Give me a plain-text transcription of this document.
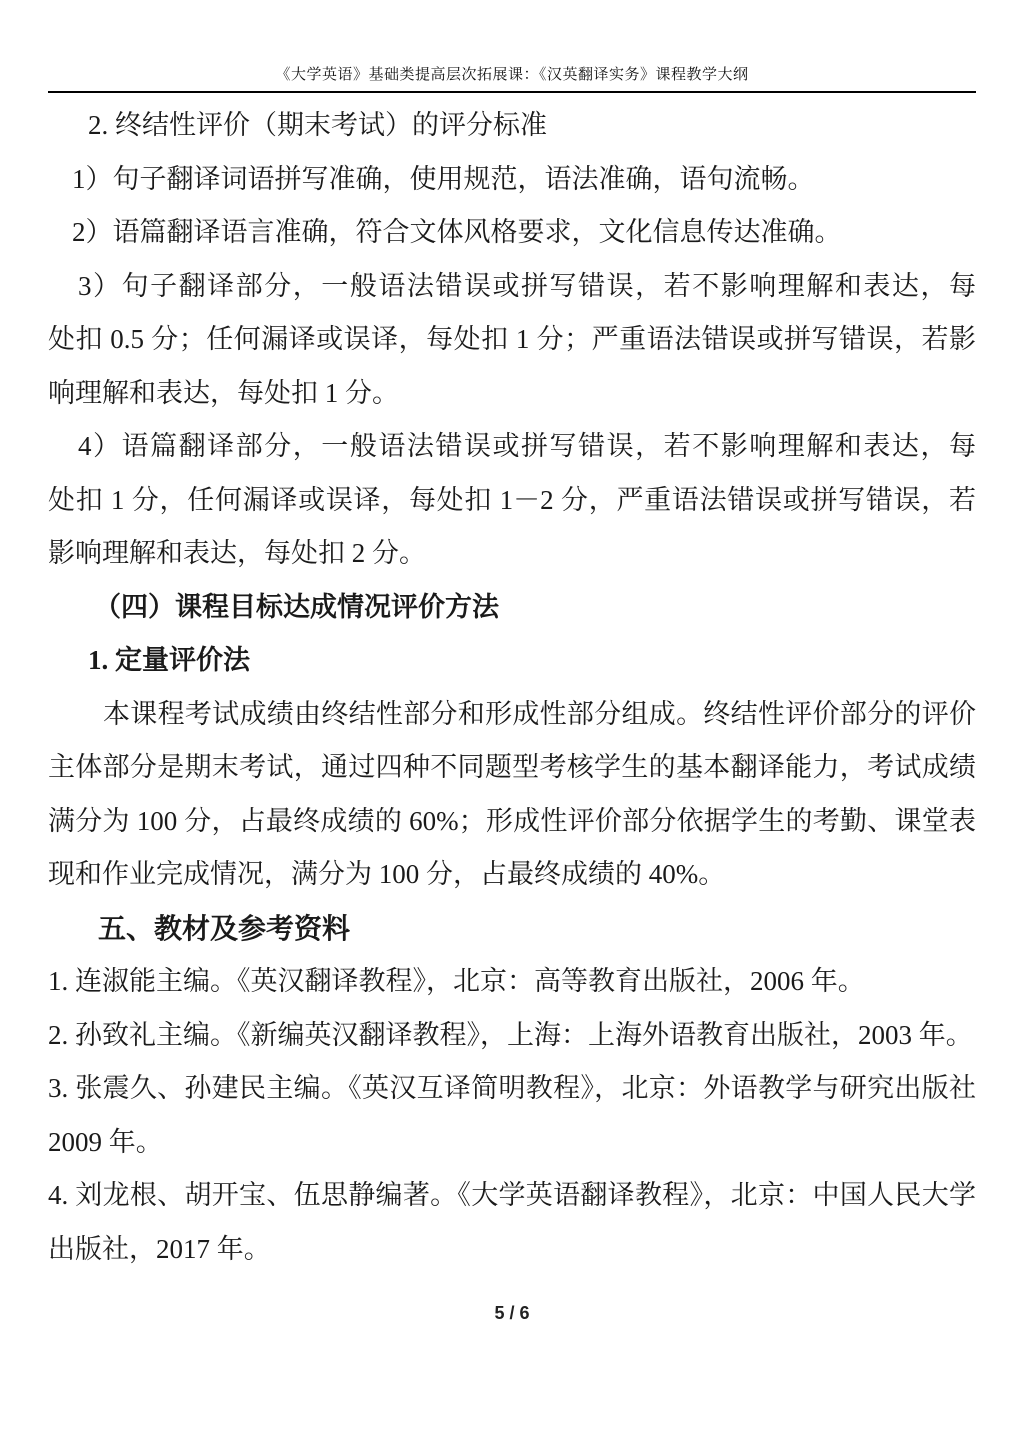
《大学英语》基础类提高层次拓展课：《汉英翻译实务》课程教学大纲
2. 终结性评价（期末考试）的评分标准
1）句子翻译词语拼写准确，使用规范，语法准确，语句流畅。
2）语篇翻译语言准确，符合文体风格要求，文化信息传达准确。
3）句子翻译部分，一般语法错误或拼写错误，若不影响理解和表达，每
处扣 0.5 分；任何漏译或误译，每处扣 1 分；严重语法错误或拼写错误，若影
响理解和表达，每处扣 1 分。
4）语篇翻译部分，一般语法错误或拼写错误，若不影响理解和表达，每
处扣 1 分，任何漏译或误译，每处扣 1－2 分，严重语法错误或拼写错误，若
影响理解和表达，每处扣 2 分。
（四）课程目标达成情况评价方法
1. 定量评价法
本课程考试成绩由终结性部分和形成性部分组成。终结性评价部分的评价
主体部分是期末考试，通过四种不同题型考核学生的基本翻译能力，考试成绩
满分为 100 分，占最终成绩的 60%；形成性评价部分依据学生的考勤、课堂表
现和作业完成情况，满分为 100 分，占最终成绩的 40%。
五、教材及参考资料
1. 连淑能主编。《英汉翻译教程》，北京：高等教育出版社，2006 年。
2. 孙致礼主编。《新编英汉翻译教程》，上海：上海外语教育出版社，2003 年。
3. 张震久、孙建民主编。《英汉互译简明教程》，北京：外语教学与研究出版社
2009 年。
4. 刘龙根、胡开宝、伍思静编著。《大学英语翻译教程》，北京：中国人民大学
出版社，2017 年。
5 / 6
